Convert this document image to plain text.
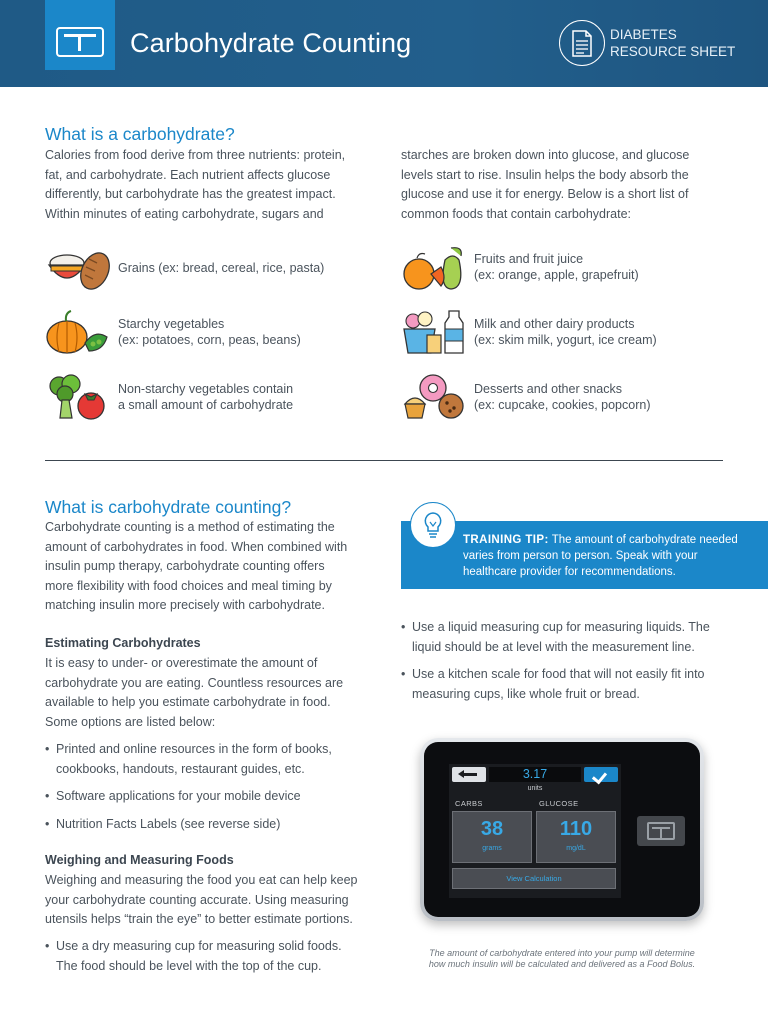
Carbohydrate Counting	DIABETES
RESOURCE SHEET
What is a carbohydrate?
Calories from food derive from three nutrients: protein,
fat, and carbohydrate. Each nutrient affects glucose
differently, but carbohydrate has the greatest impact.
Within minutes of eating carbohydrate, sugars and
starches are broken down into glucose, and glucose
levels start to rise. Insulin helps the body absorb the
glucose and use it for energy. Below is a short list of
common foods that contain carbohydrate:
Grains (ex: bread, cereal, rice, pasta)
Fruits and fruit juice
(ex: orange, apple, grapefruit)
Starchy vegetables
(ex: potatoes, corn, peas, beans)
Milk and other dairy products
(ex: skim milk, yogurt, ice cream)
Non-starchy vegetables contain
a small amount of carbohydrate
Desserts and other snacks
(ex: cupcake, cookies, popcorn)
What is carbohydrate counting?
Carbohydrate counting is a method of estimating the
amount of carbohydrates in food. When combined with
insulin pump therapy, carbohydrate counting offers
more flexibility with food choices and meal timing by
matching insulin more precisely with carbohydrate.
Estimating Carbohydrates
It is easy to under- or overestimate the amount of
carbohydrate you are eating. Countless resources are
available to help you estimate carbohydrate in food.
Some options are listed below:
• Printed and online resources in the form of books,
cookbooks, handouts, restaurant guides, etc.
• Software applications for your mobile device
• Nutrition Facts Labels (see reverse side)
Weighing and Measuring Foods
Weighing and measuring the food you eat can help keep
your carbohydrate counting accurate. Using measuring
utensils helps “train the eye” to better estimate portions.
• Use a dry measuring cup for measuring solid foods.
The food should be level with the top of the cup.
TRAINING TIP: The amount of carbohydrate needed varies from person to person. Speak with your healthcare provider for recommendations.
• Use a liquid measuring cup for measuring liquids. The
liquid should be at level with the measurement line.
• Use a kitchen scale for food that will not easily fit into
measuring cups, like whole fruit or bread.
3.17
units
CARBS	GLUCOSE
38
grams
110
mg/dL
View Calculation
The amount of carbohydrate entered into your pump will determine
how much insulin will be calculated and delivered as a Food Bolus.
